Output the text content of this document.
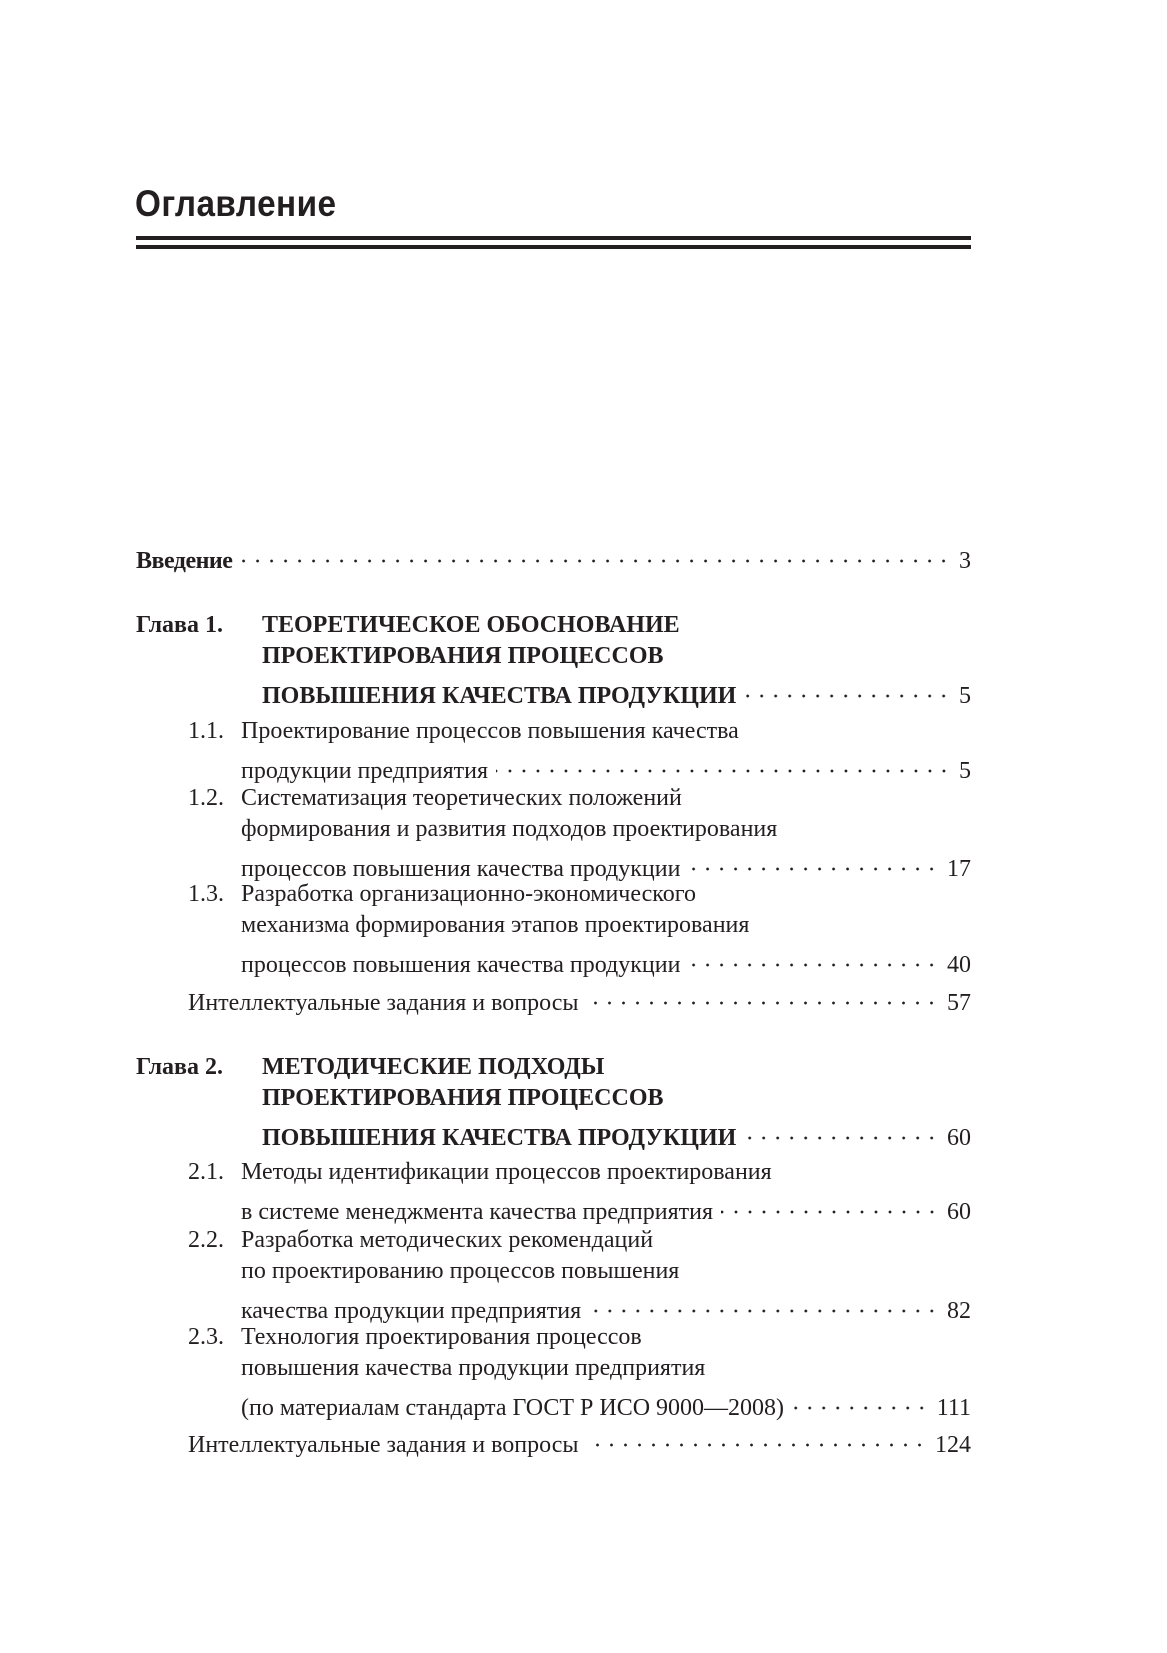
Оглавление
Введение	3
Глава 1. ТЕОРЕТИЧЕСКОЕ ОБОСНОВАНИЕ
ПРОЕКТИРОВАНИЯ ПРОЦЕССОВ
ПОВЫШЕНИЯ КАЧЕСТВА ПРОДУКЦИИ	5
1.1. Проектирование процессов повышения качества
продукции предприятия	5
1.2. Систематизация теоретических положений
формирования и развития подходов проектирования
процессов повышения качества продукции	17
1.3. Разработка организационно-экономического
механизма формирования этапов проектирования
процессов повышения качества продукции	40
Интеллектуальные задания и вопросы	57
Глава 2. МЕТОДИЧЕСКИЕ ПОДХОДЫ
ПРОЕКТИРОВАНИЯ ПРОЦЕССОВ
ПОВЫШЕНИЯ КАЧЕСТВА ПРОДУКЦИИ	60
2.1. Методы идентификации процессов проектирования
в системе менеджмента качества предприятия	60
2.2. Разработка методических рекомендаций
по проектированию процессов повышения
качества продукции предприятия	82
2.3. Технология проектирования процессов
повышения качества продукции предприятия
(по материалам стандарта ГОСТ Р ИСО 9000—2008)	111
Интеллектуальные задания и вопросы	124
